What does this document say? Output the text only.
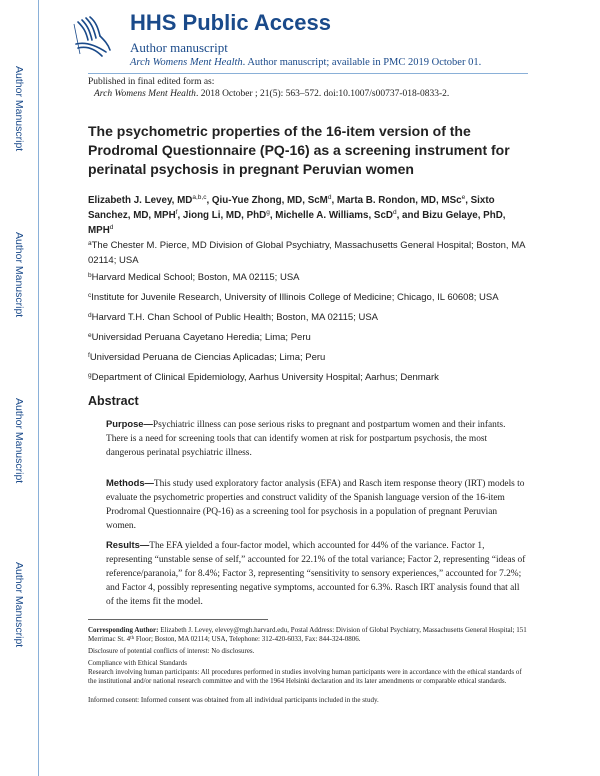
Author Manuscript
Author Manuscript
Author Manuscript
Author Manuscript
HHS Public Access
Author manuscript
Arch Womens Ment Health. Author manuscript; available in PMC 2019 October 01.
Published in final edited form as:
Arch Womens Ment Health. 2018 October ; 21(5): 563–572. doi:10.1007/s00737-018-0833-2.
The psychometric properties of the 16-item version of the Prodromal Questionnaire (PQ-16) as a screening instrument for perinatal psychosis in pregnant Peruvian women
Elizabeth J. Levey, MD$^{a,b,c}$, Qiu-Yue Zhong, MD, ScM$^d$, Marta B. Rondon, MD, MSc$^e$, Sixto Sanchez, MD, MPH$^f$, Jiong Li, MD, PhD$^g$, Michelle A. Williams, ScD$^d$, and Bizu Gelaye, PhD, MPH$^d$
$^a$The Chester M. Pierce, MD Division of Global Psychiatry, Massachusetts General Hospital; Boston, MA 02114; USA
$^b$Harvard Medical School; Boston, MA 02115; USA
$^c$Institute for Juvenile Research, University of Illinois College of Medicine; Chicago, IL 60608; USA
$^d$Harvard T.H. Chan School of Public Health; Boston, MA 02115; USA
$^e$Universidad Peruana Cayetano Heredia; Lima; Peru
$^f$Universidad Peruana de Ciencias Aplicadas; Lima; Peru
$^g$Department of Clinical Epidemiology, Aarhus University Hospital; Aarhus; Denmark
Abstract
Purpose—Psychiatric illness can pose serious risks to pregnant and postpartum women and their infants. There is a need for screening tools that can identify women at risk for postpartum psychosis, the most dangerous perinatal psychiatric illness.
Methods—This study used exploratory factor analysis (EFA) and Rasch item response theory (IRT) models to evaluate the psychometric properties and construct validity of the Spanish language version of the 16-item Prodromal Questionnaire (PQ-16) as a screening tool for psychosis in a population of pregnant Peruvian women.
Results—The EFA yielded a four-factor model, which accounted for 44% of the variance. Factor 1, representing “unstable sense of self,” accounted for 22.1% of the total variance; Factor 2, representing “ideas of reference/paranoia,” for 8.4%; Factor 3, representing “sensitivity to sensory experiences,” accounted for 7.2%; and Factor 4, possibly representing negative symptoms, accounted for 6.3%. Rasch IRT analysis found that all of the items fit the model.
Corresponding Author: Elizabeth J. Levey, elevey@mgh.harvard.edu, Postal Address: Division of Global Psychiatry, Massachusetts General Hospital; 151 Merrimac St. 4th Floor; Boston, MA 02114; USA, Telephone: 312-420-6033, Fax: 844-324-0806.
Disclosure of potential conflicts of interest: No disclosures.
Compliance with Ethical Standards
Research involving human participants: All procedures performed in studies involving human participants were in accordance with the ethical standards of the institutional and/or national research committee and with the 1964 Helsinki declaration and its later amendments or comparable ethical standards.
Informed consent: Informed consent was obtained from all individual participants included in the study.
